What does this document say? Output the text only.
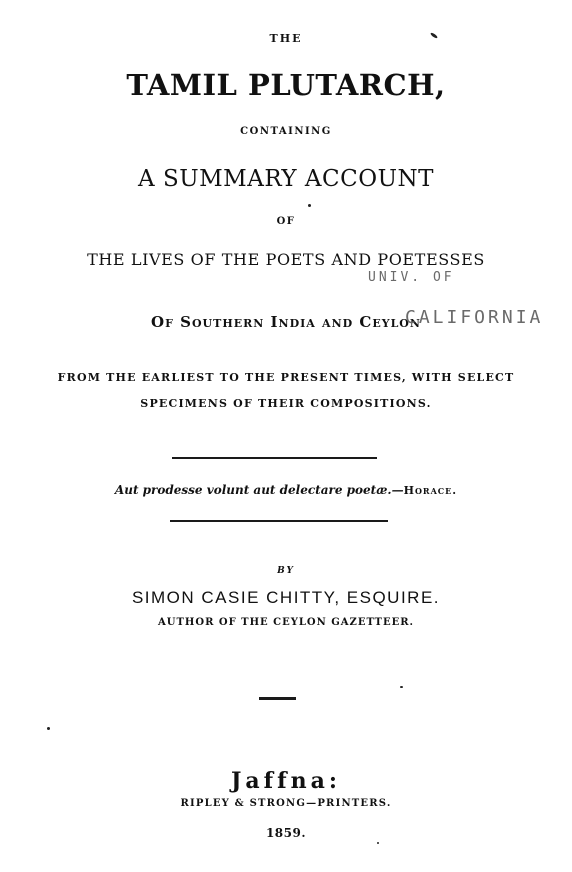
THE
TAMIL PLUTARCH,
CONTAINING
A SUMMARY ACCOUNT
OF
THE LIVES OF THE POETS AND POETESSES
Of Southern India and Ceylon
UNIV. OF
CALIFORNIA
FROM THE EARLIEST TO THE PRESENT TIMES, WITH SELECT
SPECIMENS OF THEIR COMPOSITIONS.
Aut prodesse volunt aut delectare poetæ.—Horace.
BY
SIMON CASIE CHITTY, ESQUIRE.
AUTHOR OF THE CEYLON GAZETTEER.
Jaffna:
RIPLEY & STRONG—PRINTERS.
1859.
